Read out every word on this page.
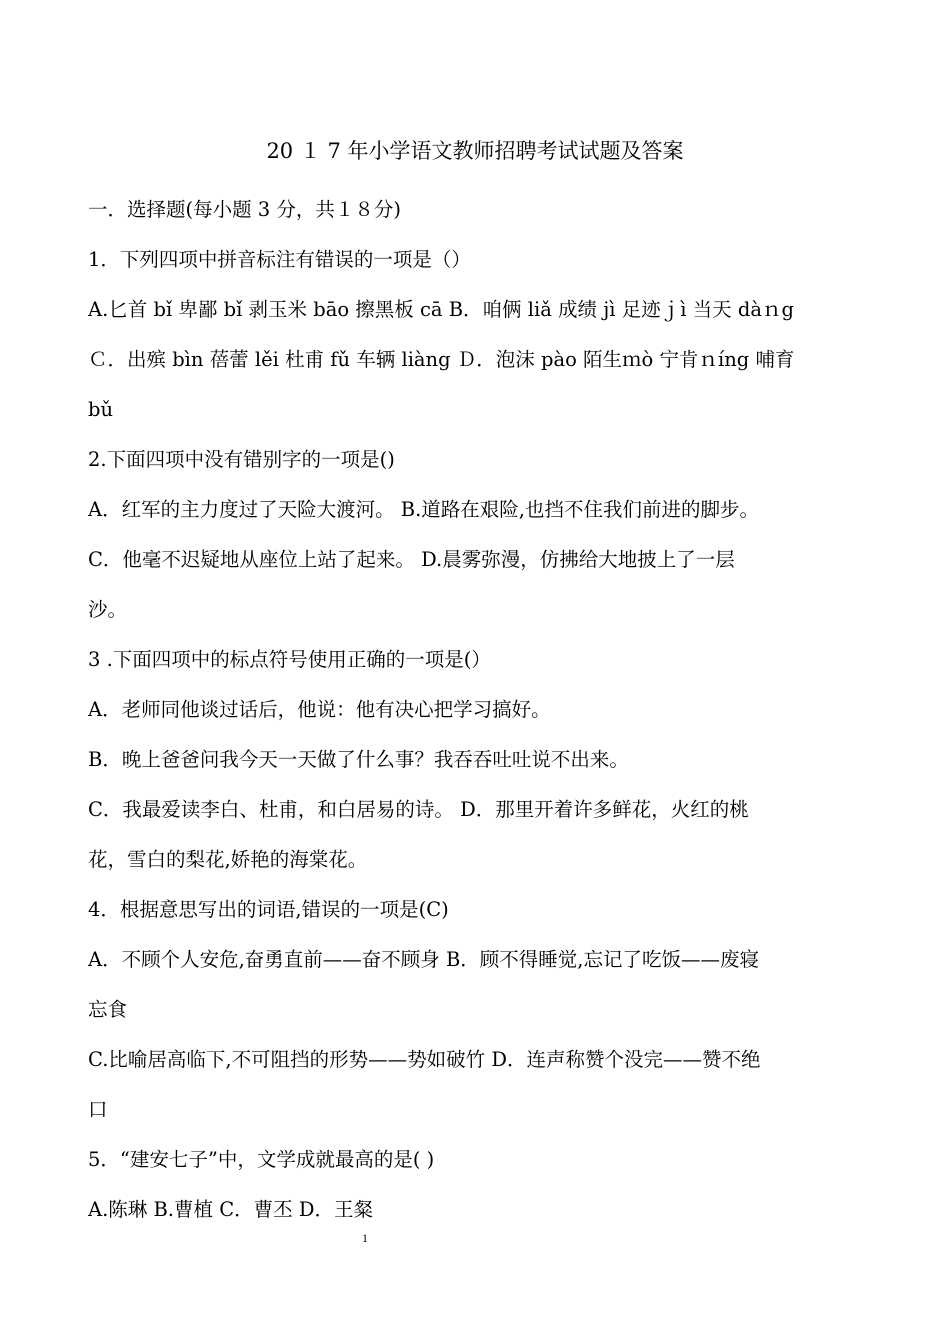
20 １ 7 年小学语文教师招聘考试试题及答案
一．选择题(每小题 3 分，共１８分)
1．下列四项中拼音标注有错误的一项是（）
A.匕首 bǐ 卑鄙 bǐ 剥玉米 bāo 擦黑板 cā B．咱俩 liǎ 成绩 jì 足迹ｊì 当天 dàｎg
Ｃ．出殡 bìn 蓓蕾 lěi 杜甫 fǔ 车辆 liàng Ｄ．泡沫 pào 陌生ｍò 宁肯ｎíng 哺育
bǔ
2.下面四项中没有错别字的一项是()
A．红军的主力度过了天险大渡河。 B.道路在艰险,也挡不住我们前进的脚步。
C．他毫不迟疑地从座位上站了起来。 D.晨雾弥漫，仿拂给大地披上了一层
沙。
3 .下面四项中的标点符号使用正确的一项是(）
A．老师同他谈过话后，他说：他有决心把学习搞好。
B．晚上爸爸问我今天一天做了什么事？我吞吞吐吐说不出来。
C．我最爱读李白、杜甫，和白居易的诗。 D．那里开着许多鲜花，火红的桃
花，雪白的梨花,娇艳的海棠花。
4．根据意思写出的词语,错误的一项是(C)
A．不顾个人安危,奋勇直前——奋不顾身 B．顾不得睡觉,忘记了吃饭——废寝
忘食
C.比喻居高临下,不可阻挡的形势——势如破竹 D．连声称赞个没完——赞不绝
口
5．“建安七子”中，文学成就最高的是( )
A.陈琳 B.曹植 C．曹丕 D．王粲
1
